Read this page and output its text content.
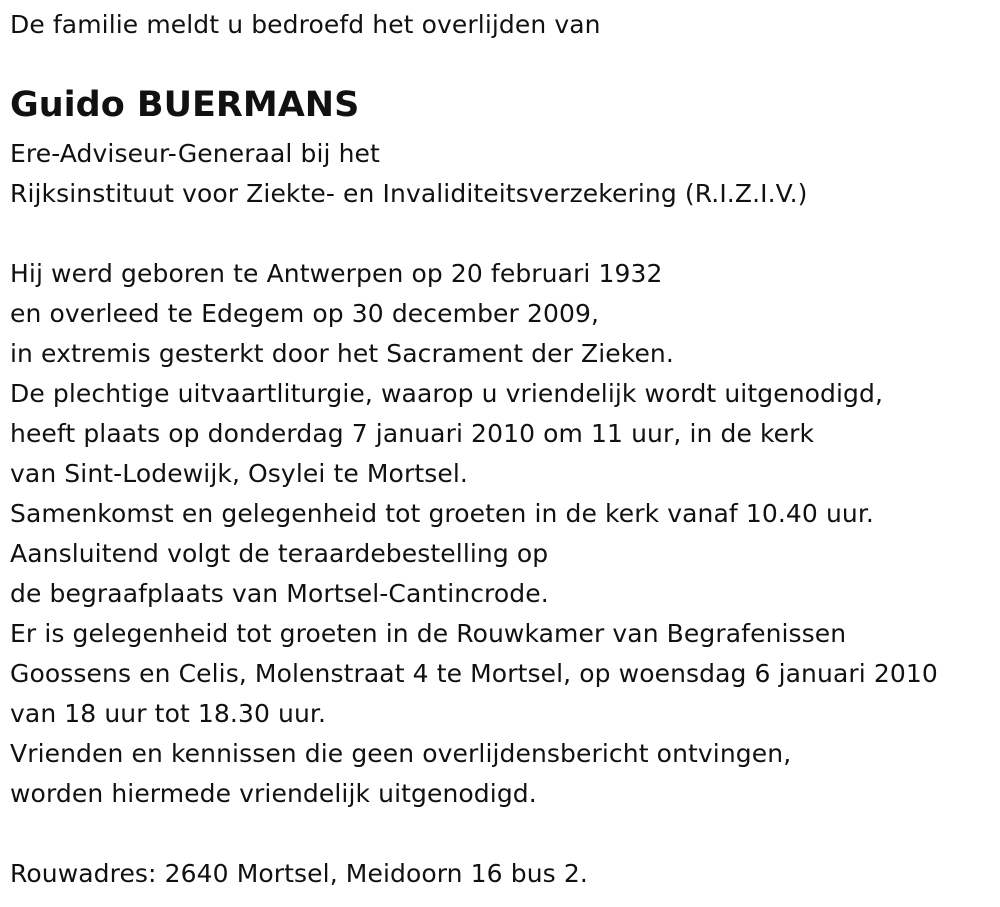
De familie meldt u bedroefd het overlijden van
Guido BUERMANS
Ere-Adviseur-Generaal bij het
Rijksinstituut voor Ziekte- en Invaliditeitsverzekering (R.I.Z.I.V.)
Hij werd geboren te Antwerpen op 20 februari 1932
en overleed te Edegem op 30 december 2009,
in extremis gesterkt door het Sacrament der Zieken.
De plechtige uitvaartliturgie, waarop u vriendelijk wordt uitgenodigd,
heeft plaats op donderdag 7 januari 2010 om 11 uur, in de kerk
van Sint-Lodewijk, Osylei te Mortsel.
Samenkomst en gelegenheid tot groeten in de kerk vanaf 10.40 uur.
Aansluitend volgt de teraardebestelling op
de begraafplaats van Mortsel-Cantincrode.
Er is gelegenheid tot groeten in de Rouwkamer van Begrafenissen
Goossens en Celis, Molenstraat 4 te Mortsel, op woensdag 6 januari 2010
van 18 uur tot 18.30 uur.
Vrienden en kennissen die geen overlijdensbericht ontvingen,
worden hiermede vriendelijk uitgenodigd.
Rouwadres: 2640 Mortsel, Meidoorn 16 bus 2.
